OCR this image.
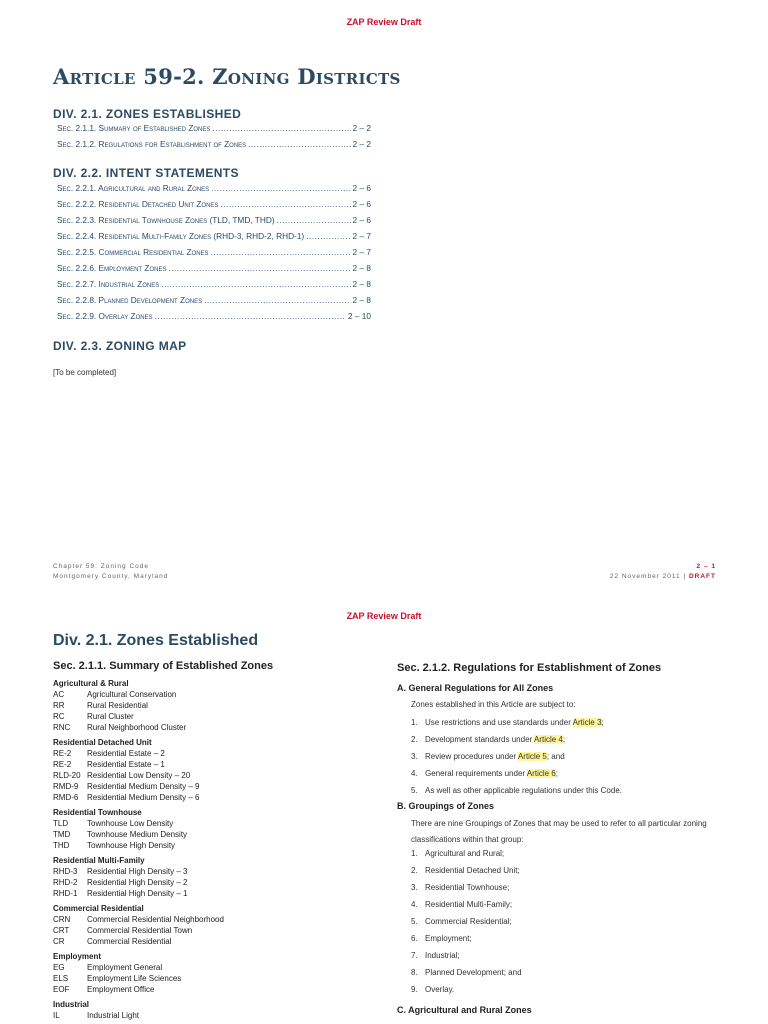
ZAP Review Draft
Article 59-2. Zoning Districts
DIV. 2.1. ZONES ESTABLISHED
Sec. 2.1.1. Summary of Established Zones .....	2 – 2
Sec. 2.1.2. Regulations for Establishment of Zones .....	2 – 2
DIV. 2.2. INTENT STATEMENTS
Sec. 2.2.1. Agricultural and Rural Zones .....	2 – 6
Sec. 2.2.2. Residential Detached Unit Zones .....	2 – 6
Sec. 2.2.3. Residential Townhouse Zones (TLD, TMD, THD) .....	2 – 6
Sec. 2.2.4. Residential Multi-Family Zones (RHD-3, RHD-2, RHD-1) .....	2 – 7
Sec. 2.2.5. Commercial Residential Zones .....	2 – 7
Sec. 2.2.6. Employment Zones .....	2 – 8
Sec. 2.2.7. Industrial Zones .....	2 – 8
Sec. 2.2.8. Planned Development Zones .....	2 – 8
Sec. 2.2.9. Overlay Zones .....	2 – 10
DIV. 2.3. ZONING MAP
[To be completed]
Chapter 59: Zoning Code
Montgomery County, Maryland
2 – 1
22 November 2011 | DRAFT
ZAP Review Draft
Div. 2.1. Zones Established
Sec. 2.1.1. Summary of Established Zones
Agricultural & Rural
AC	Agricultural Conservation
RR	Rural Residential
RC	Rural Cluster
RNC	Rural Neighborhood Cluster
Residential Detached Unit
RE-2	Residential Estate – 2
RE-2	Residential Estate – 1
RLD-20 Residential Low Density – 20
RMD-9	Residential Medium Density – 9
RMD-6	Residential Medium Density – 6
Residential Townhouse
TLD	Townhouse Low Density
TMD	Townhouse Medium Density
THD	Townhouse High Density
Residential Multi-Family
RHD-3	Residential High Density – 3
RHD-2	Residential High Density – 2
RHD-1	Residential High Density – 1
Commercial Residential
CRN	Commercial Residential Neighborhood
CRT	Commercial Residential Town
CR	Commercial Residential
Employment
EG	Employment General
ELS	Employment Life Sciences
EOF	Employment Office
Industrial
IL	Industrial Light
Sec. 2.1.2. Regulations for Establishment of Zones
A. General Regulations for All Zones

Zones established in this Article are subject to:

1. Use restrictions and use standards under Article 3;
2. Development standards under Article 4;
3. Review procedures under Article 5; and
4. General requirements under Article 6;
5. As well as other applicable regulations under this Code.
B. Groupings of Zones

There are nine Groupings of Zones that may be used to refer to all particular zoning classifications within that group:

1. Agricultural and Rural;
2. Residential Detached Unit;
3. Residential Townhouse;
4. Residential Multi-Family;
5. Commercial Residential;
6. Employment;
7. Industrial;
8. Planned Development; and
9. Overlay.
C. Agricultural and Rural Zones
